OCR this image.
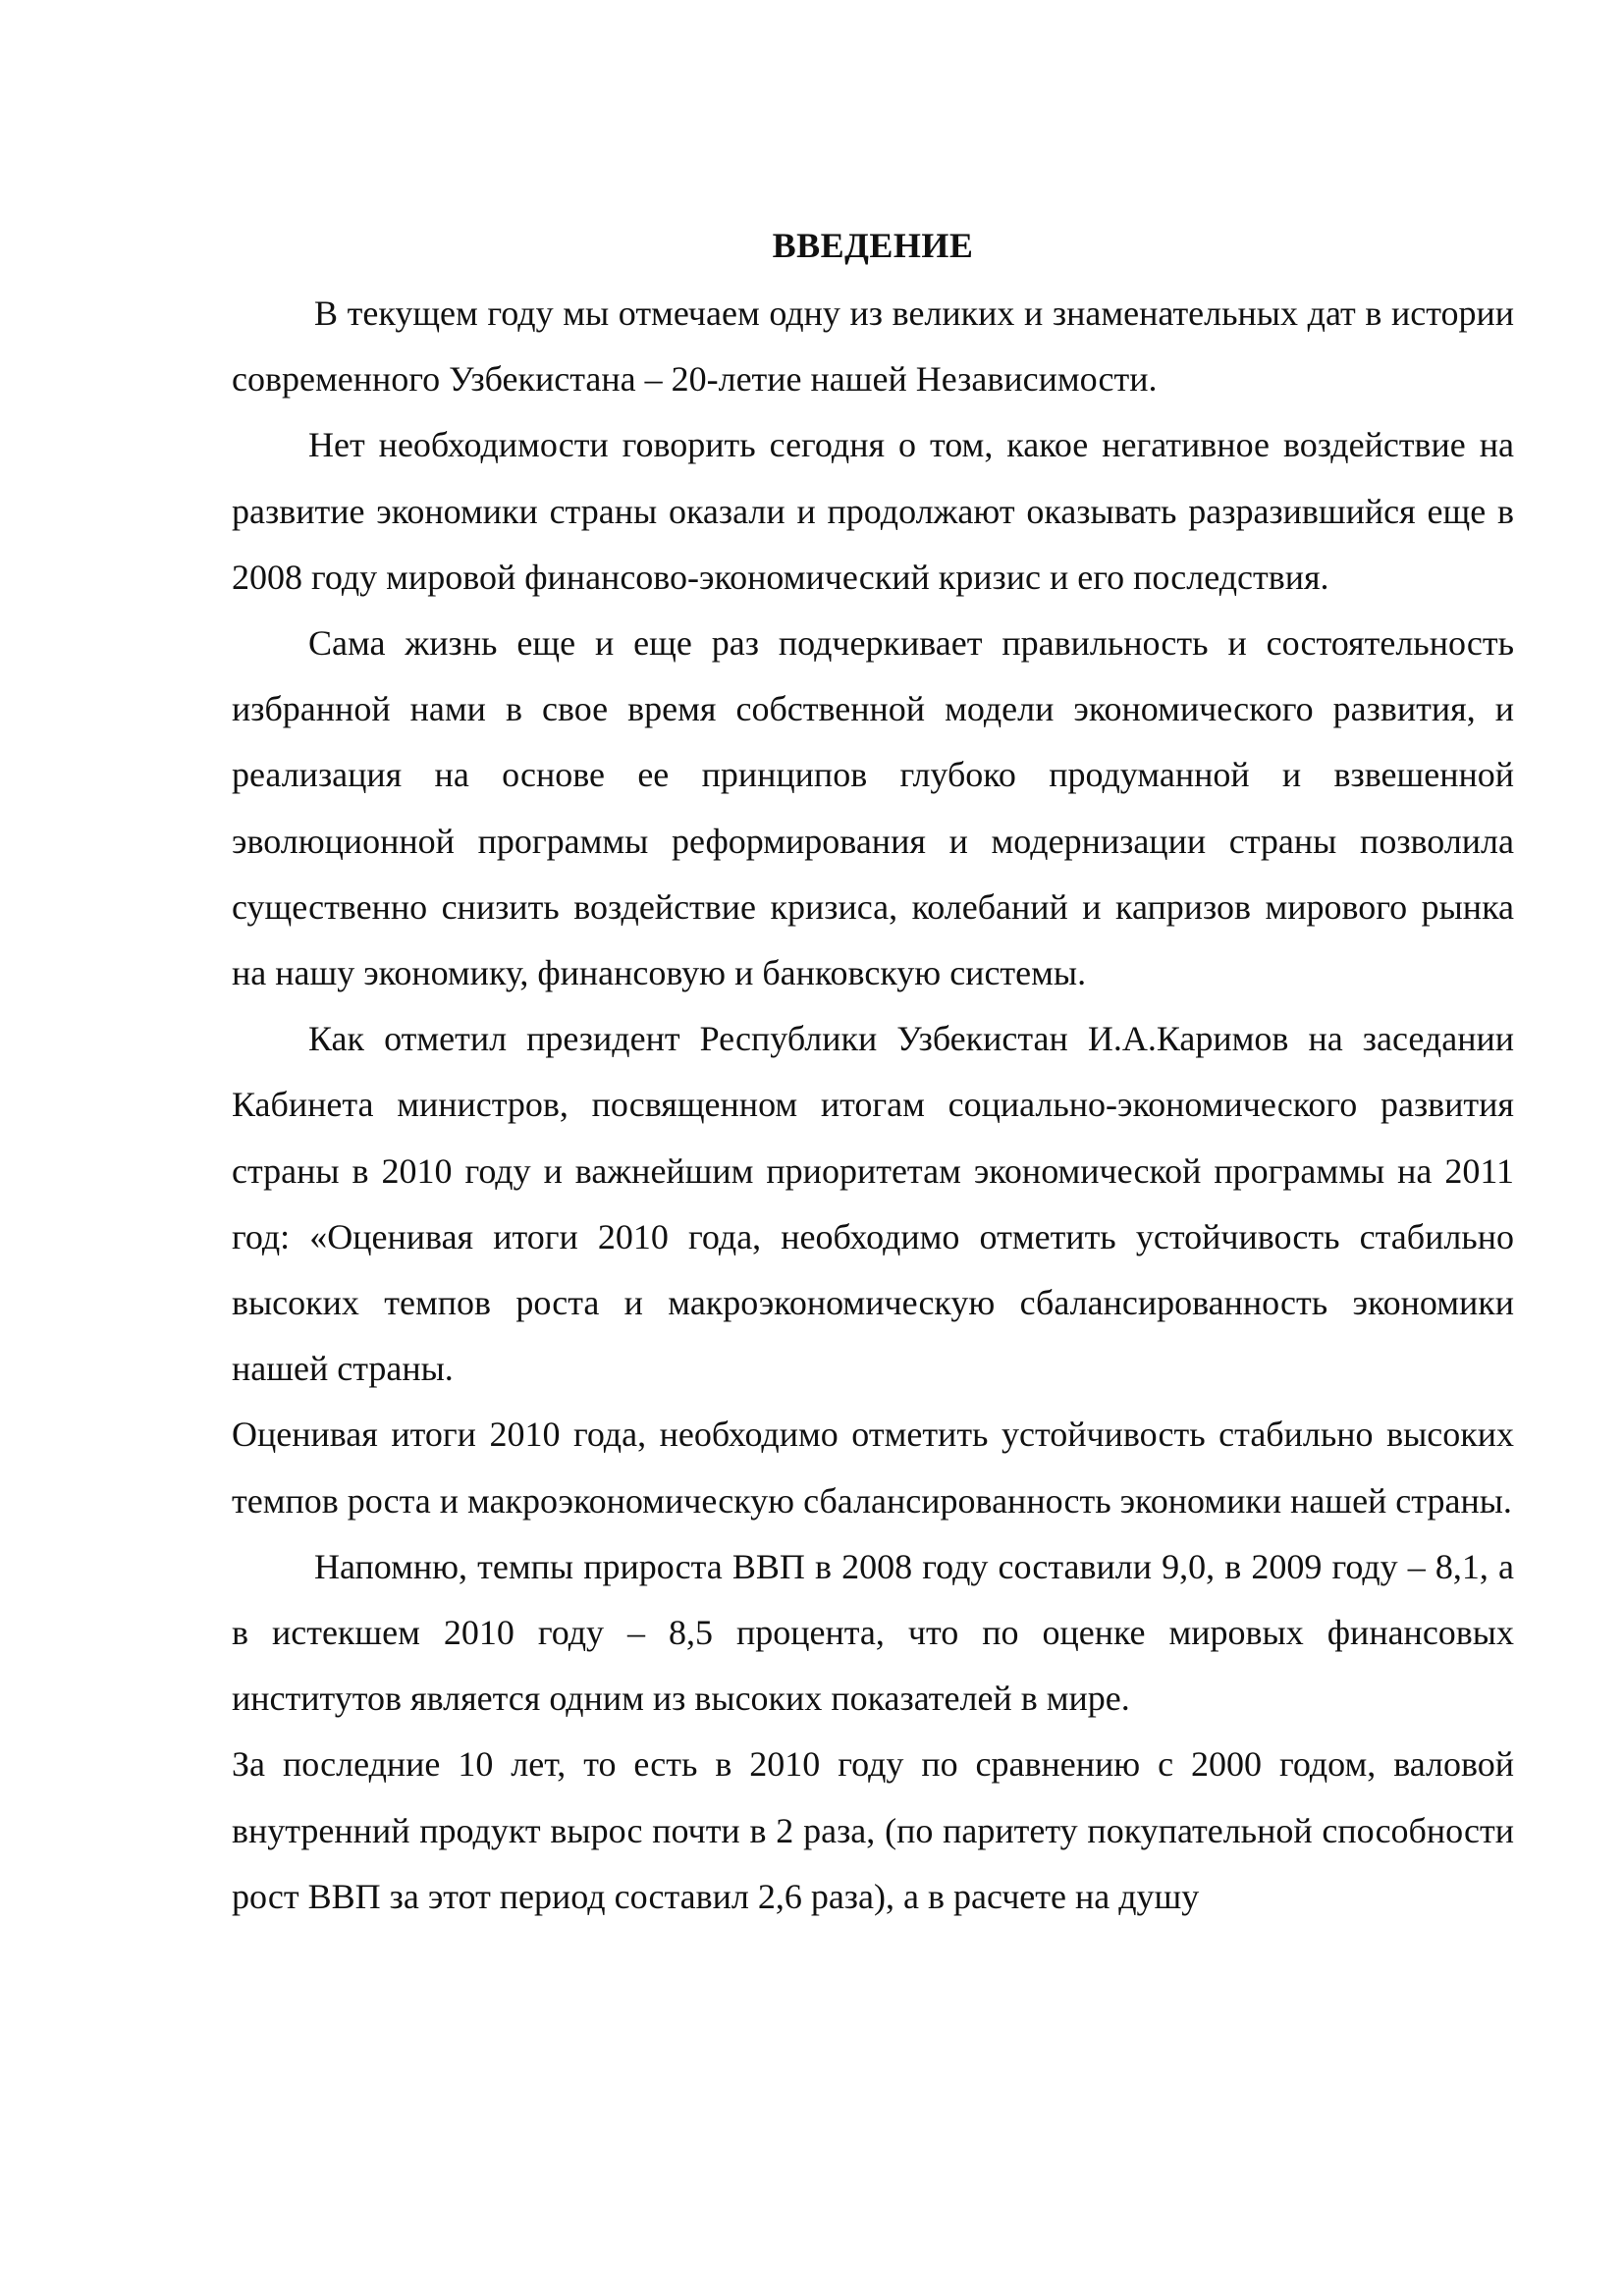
ВВЕДЕНИЕ

В текущем году мы отмечаем одну из великих и знаменательных дат в истории современного Узбекистана – 20-летие нашей Независимости.

Нет необходимости говорить сегодня о том, какое негативное воздействие на развитие экономики страны оказали и продолжают оказывать разразившийся еще в 2008 году мировой финансово-экономический кризис и его последствия.

Сама жизнь еще и еще раз подчеркивает правильность и состоятельность избранной нами в свое время собственной модели экономического развития, и реализация на основе ее принципов глубоко продуманной и взвешенной эволюционной программы реформирования и модернизации страны позволила существенно снизить воздействие кризиса, колебаний и капризов мирового рынка на нашу экономику, финансовую и банковскую системы.

Как отметил президент Республики Узбекистан И.А.Каримов на заседании Кабинета министров, посвященном итогам социально-экономического развития страны в 2010 году и важнейшим приоритетам экономической программы на 2011 год: «Оценивая итоги 2010 года, необходимо отметить устойчивость стабильно высоких темпов роста и макроэкономическую сбалансированность экономики нашей страны.

Оценивая итоги 2010 года, необходимо отметить устойчивость стабильно высоких темпов роста и макроэкономическую сбалансированность экономики нашей страны.

Напомню, темпы прироста ВВП в 2008 году составили 9,0, в 2009 году – 8,1, а в истекшем 2010 году – 8,5 процента, что по оценке мировых финансовых институтов является одним из высоких показателей в мире.

За последние 10 лет, то есть в 2010 году по сравнению с 2000 годом, валовой внутренний продукт вырос почти в 2 раза, (по паритету покупательной способности рост ВВП за этот период составил 2,6 раза), а в расчете на душу
